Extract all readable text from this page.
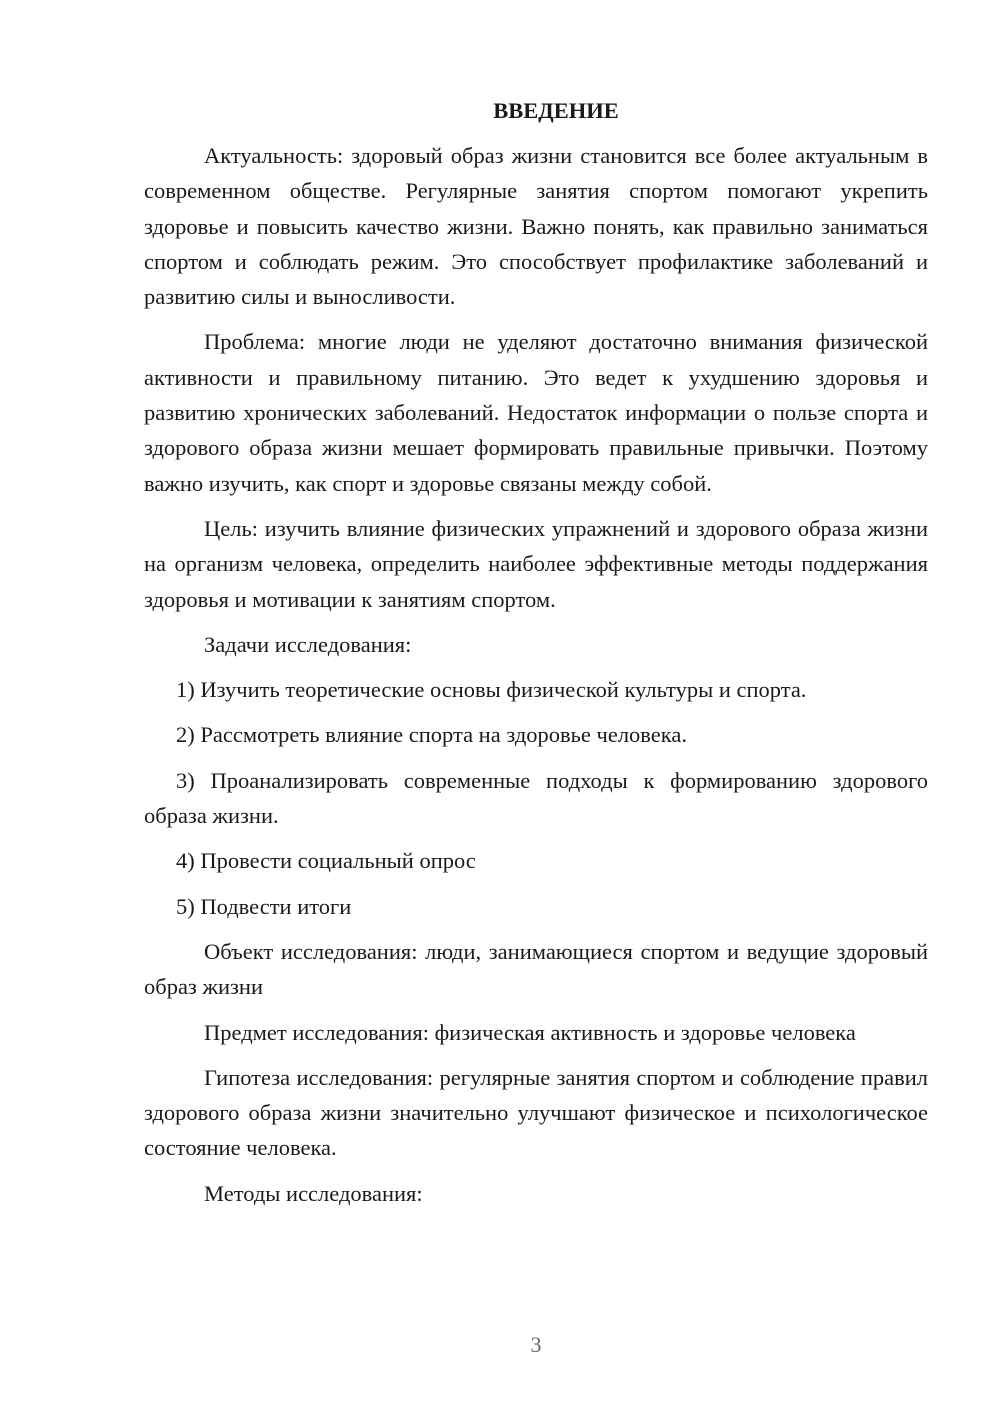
ВВЕДЕНИЕ

Актуальность: здоровый образ жизни становится все более актуальным в современном обществе. Регулярные занятия спортом помогают укрепить здоровье и повысить качество жизни. Важно понять, как правильно заниматься спортом и соблюдать режим. Это способствует профилактике заболеваний и развитию силы и выносливости.

Проблема: многие люди не уделяют достаточно внимания физической активности и правильному питанию. Это ведет к ухудшению здоровья и развитию хронических заболеваний. Недостаток информации о пользе спорта и здорового образа жизни мешает формировать правильные привычки. Поэтому важно изучить, как спорт и здоровье связаны между собой.

Цель: изучить влияние физических упражнений и здорового образа жизни на организм человека, определить наиболее эффективные методы поддержания здоровья и мотивации к занятиям спортом.

Задачи исследования:

1) Изучить теоретические основы физической культуры и спорта.

2) Рассмотреть влияние спорта на здоровье человека.

3) Проанализировать современные подходы к формированию здорового образа жизни.

4) Провести социальный опрос

5) Подвести итоги

Объект исследования: люди, занимающиеся спортом и ведущие здоровый образ жизни

Предмет исследования: физическая активность и здоровье человека

Гипотеза исследования: регулярные занятия спортом и соблюдение правил здорового образа жизни значительно улучшают физическое и психологическое состояние человека.

Методы исследования:

3
